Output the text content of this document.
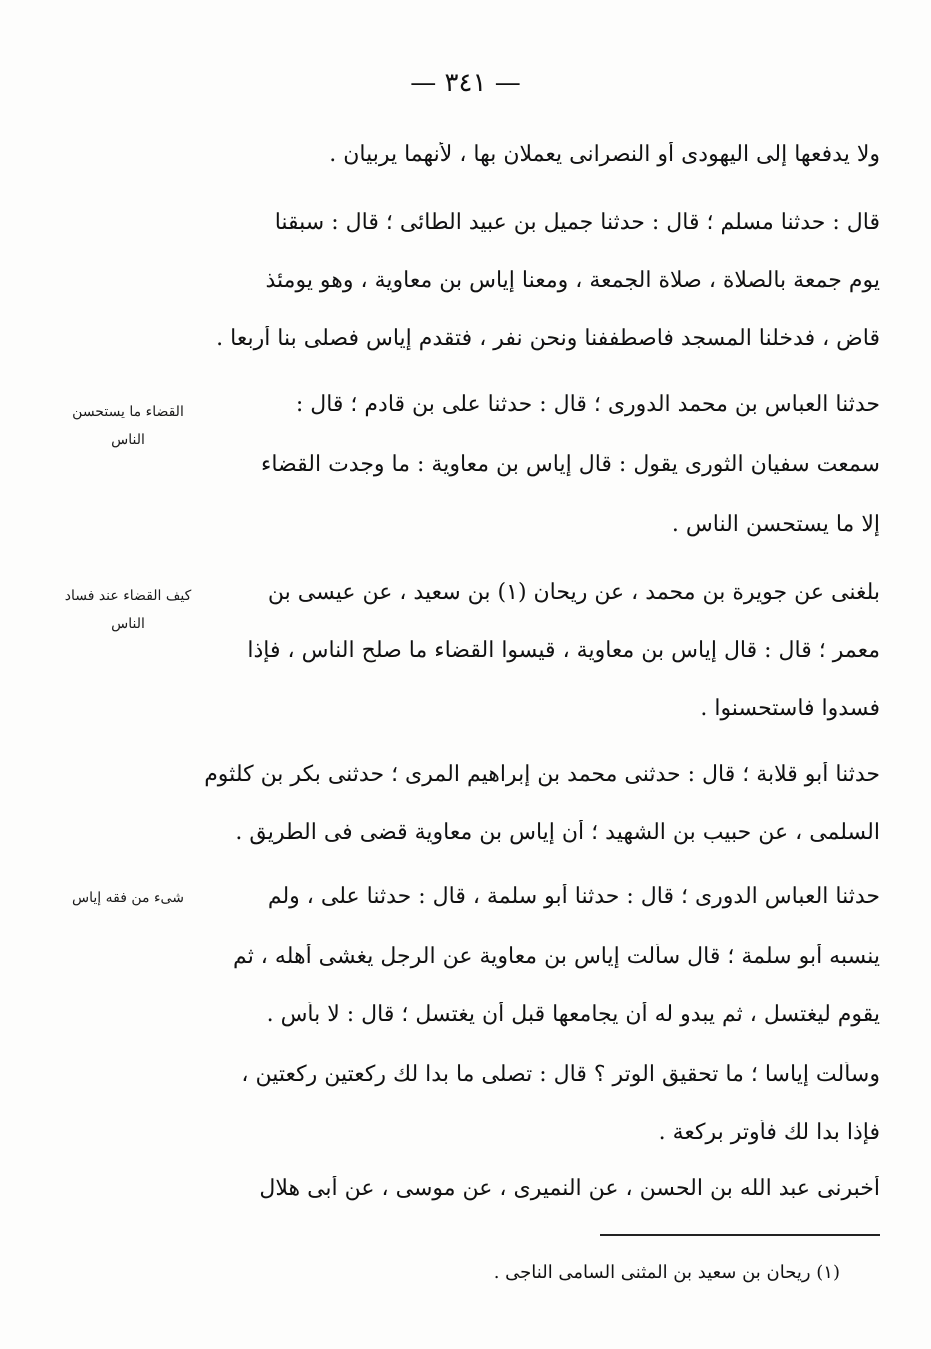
— ٣٤١ —
ولا يدفعها إلى اليهودى أو النصرانى يعملان بها ، لأنهما يربيان .
قال : حدثنا مسلم ؛ قال : حدثنا جميل بن عبيد الطائى ؛ قال : سبقنا
يوم جمعة بالصلاة ، صلاة الجمعة ، ومعنا إياس بن معاوية ، وهو يومئذ
قاض ، فدخلنا المسجد فاصطففنا ونحن نفر ، فتقدم إياس فصلى بنا أربعا .
حدثنا العباس بن محمد الدورى ؛ قال : حدثنا على بن قادم ؛ قال :
سمعت سفيان الثورى يقول : قال إياس بن معاوية : ما وجدت القضاء
إلا ما يستحسن الناس .
بلغنى عن جويرة بن محمد ، عن ريحان (١) بن سعيد ، عن عيسى بن
معمر ؛ قال : قال إياس بن معاوية ، قيسوا القضاء ما صلح الناس ، فإذا
فسدوا فاستحسنوا .
حدثنا أبو قلابة ؛ قال : حدثنى محمد بن إبراهيم المرى ؛ حدثنى بكر بن كلثوم
السلمى ، عن حبيب بن الشهيد ؛ أن إياس بن معاوية قضى فى الطريق .
حدثنا العباس الدورى ؛ قال : حدثنا أبو سلمة ، قال : حدثنا على ، ولم
ينسبه أبو سلمة ؛ قال سألت إياس بن معاوية عن الرجل يغشى أهله ، ثم
يقوم ليغتسل ، ثم يبدو له أن يجامعها قبل أن يغتسل ؛ قال : لا بأس .
وسألت إياسا ؛ ما تحقيق الوتر ؟ قال : تصلى ما بدا لك ركعتين ركعتين ،
فإذا بدا لك فأوتر بركعة .
أخبرنى عبد الله بن الحسن ، عن النميرى ، عن موسى ، عن أبى هلال
القضاء ما يستحسن الناس
كيف القضاء عند فساد الناس
شىء من فقه إياس
(١) ريحان بن سعيد بن المثنى السامى الناجى .
